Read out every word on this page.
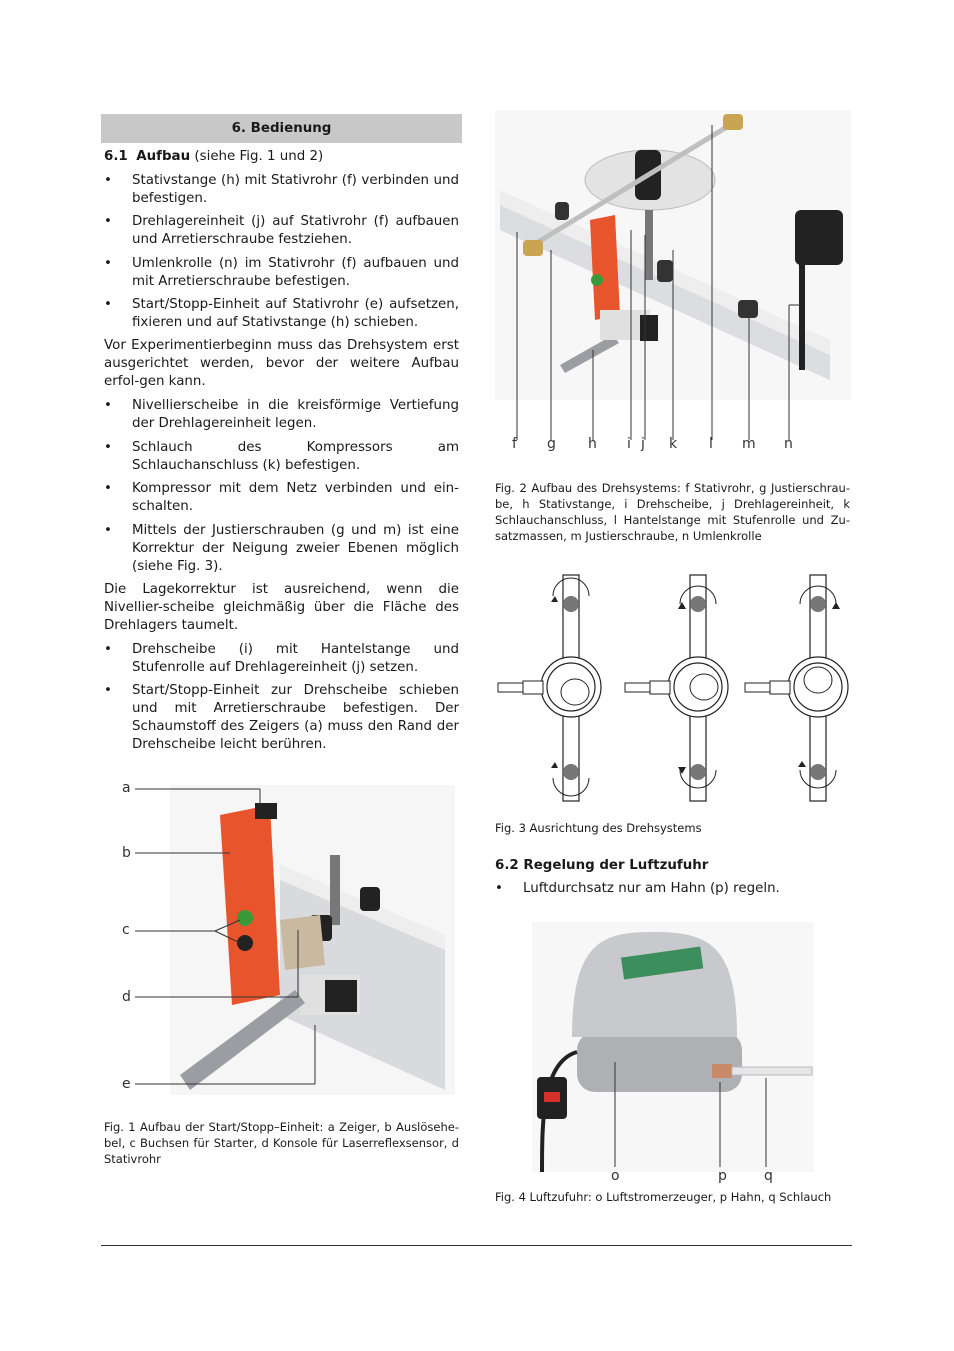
6. Bedienung
6.1 Aufbau (siehe Fig. 1 und 2)
• Stativstange (h) mit Stativrohr (f) verbinden und befestigen.
• Drehlagereinheit (j) auf Stativrohr (f) aufbauen und Arretierschraube festziehen.
• Umlenkrolle (n) im Stativrohr (f) aufbauen und mit Arretierschraube befestigen.
• Start/Stopp-Einheit auf Stativrohr (e) aufsetzen, fixieren und auf Stativstange (h) schieben.
Vor Experimentierbeginn muss das Drehsystem erst ausgerichtet werden, bevor der weitere Aufbau erfol-gen kann.
• Nivellierscheibe in die kreisförmige Vertiefung der Drehlagereinheit legen.
• Schlauch des Kompressors am Schlauchanschluss (k) befestigen.
• Kompressor mit dem Netz verbinden und ein-schalten.
• Mittels der Justierschrauben (g und m) ist eine Korrektur der Neigung zweier Ebenen möglich (siehe Fig. 3).
Die Lagekorrektur ist ausreichend, wenn die Nivellier-scheibe gleichmäßig über die Fläche des Drehlagers taumelt.
• Drehscheibe (i) mit Hantelstange und Stufenrolle auf Drehlagereinheit (j) setzen.
• Start/Stopp-Einheit zur Drehscheibe schieben und mit Arretierschraube befestigen. Der Schaumstoff des Zeigers (a) muss den Rand der Drehscheibe leicht berühren.
a
b
c
d
e
Fig. 1 Aufbau der Start/Stopp–Einheit: a Zeiger, b Auslösehe-bel, c Buchsen für Starter, d Konsole für Laserreflexsensor, d Stativrohr
f g h i j k l m n
Fig. 2 Aufbau des Drehsystems: f Stativrohr, g Justierschrau-be, h Stativstange, i Drehscheibe, j Drehlagereinheit, k Schlauchanschluss, l Hantelstange mit Stufenrolle und Zu-satzmassen, m Justierschraube, n Umlenkrolle
Fig. 3 Ausrichtung des Drehsystems
6.2 Regelung der Luftzufuhr
• Luftdurchsatz nur am Hahn (p) regeln.
o	p	q
Fig. 4 Luftzufuhr: o Luftstromerzeuger, p Hahn, q Schlauch
